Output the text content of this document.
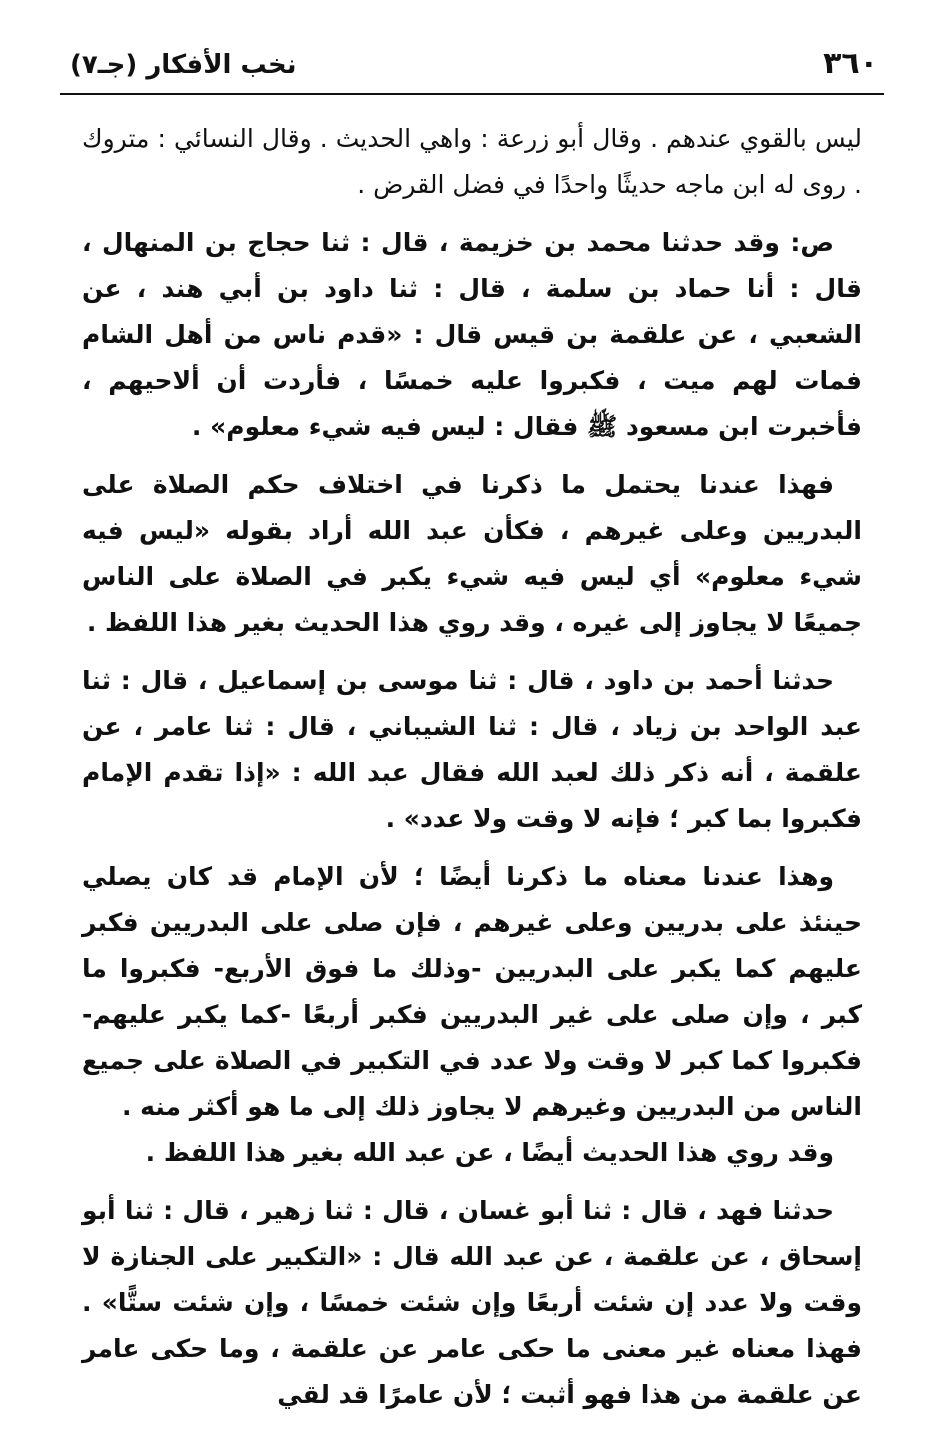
٣٦٠
نخب الأفكار (جـ٧)

ليس بالقوي عندهم . وقال أبو زرعة : واهي الحديث . وقال النسائي : متروك . روى له ابن ماجه حديثًا واحدًا في فضل القرض .

ص: وقد حدثنا محمد بن خزيمة ، قال : ثنا حجاج بن المنهال ، قال : أنا حماد بن سلمة ، قال : ثنا داود بن أبي هند ، عن الشعبي ، عن علقمة بن قيس قال : «قدم ناس من أهل الشام فمات لهم ميت ، فكبروا عليه خمسًا ، فأردت أن ألاحيهم ، فأخبرت ابن مسعود ﷺ فقال : ليس فيه شيء معلوم» .

فهذا عندنا يحتمل ما ذكرنا في اختلاف حكم الصلاة على البدريين وعلى غيرهم ، فكأن عبد الله أراد بقوله «ليس فيه شيء معلوم» أي ليس فيه شيء يكبر في الصلاة على الناس جميعًا لا يجاوز إلى غيره ، وقد روي هذا الحديث بغير هذا اللفظ .

حدثنا أحمد بن داود ، قال : ثنا موسى بن إسماعيل ، قال : ثنا عبد الواحد بن زياد ، قال : ثنا الشيباني ، قال : ثنا عامر ، عن علقمة ، أنه ذكر ذلك لعبد الله فقال عبد الله : «إذا تقدم الإمام فكبروا بما كبر ؛ فإنه لا وقت ولا عدد» .

وهذا عندنا معناه ما ذكرنا أيضًا ؛ لأن الإمام قد كان يصلي حينئذ على بدريين وعلى غيرهم ، فإن صلى على البدريين فكبر عليهم كما يكبر على البدريين -وذلك ما فوق الأربع- فكبروا ما كبر ، وإن صلى على غير البدريين فكبر أربعًا -كما يكبر عليهم- فكبروا كما كبر لا وقت ولا عدد في التكبير في الصلاة على جميع الناس من البدريين وغيرهم لا يجاوز ذلك إلى ما هو أكثر منه .

وقد روي هذا الحديث أيضًا ، عن عبد الله بغير هذا اللفظ .

حدثنا فهد ، قال : ثنا أبو غسان ، قال : ثنا زهير ، قال : ثنا أبو إسحاق ، عن علقمة ، عن عبد الله قال : «التكبير على الجنازة لا وقت ولا عدد إن شئت أربعًا وإن شئت خمسًا ، وإن شئت ستًّا» . فهذا معناه غير معنى ما حكى عامر عن علقمة ، وما حكى عامر عن علقمة من هذا فهو أثبت ؛ لأن عامرًا قد لقي
